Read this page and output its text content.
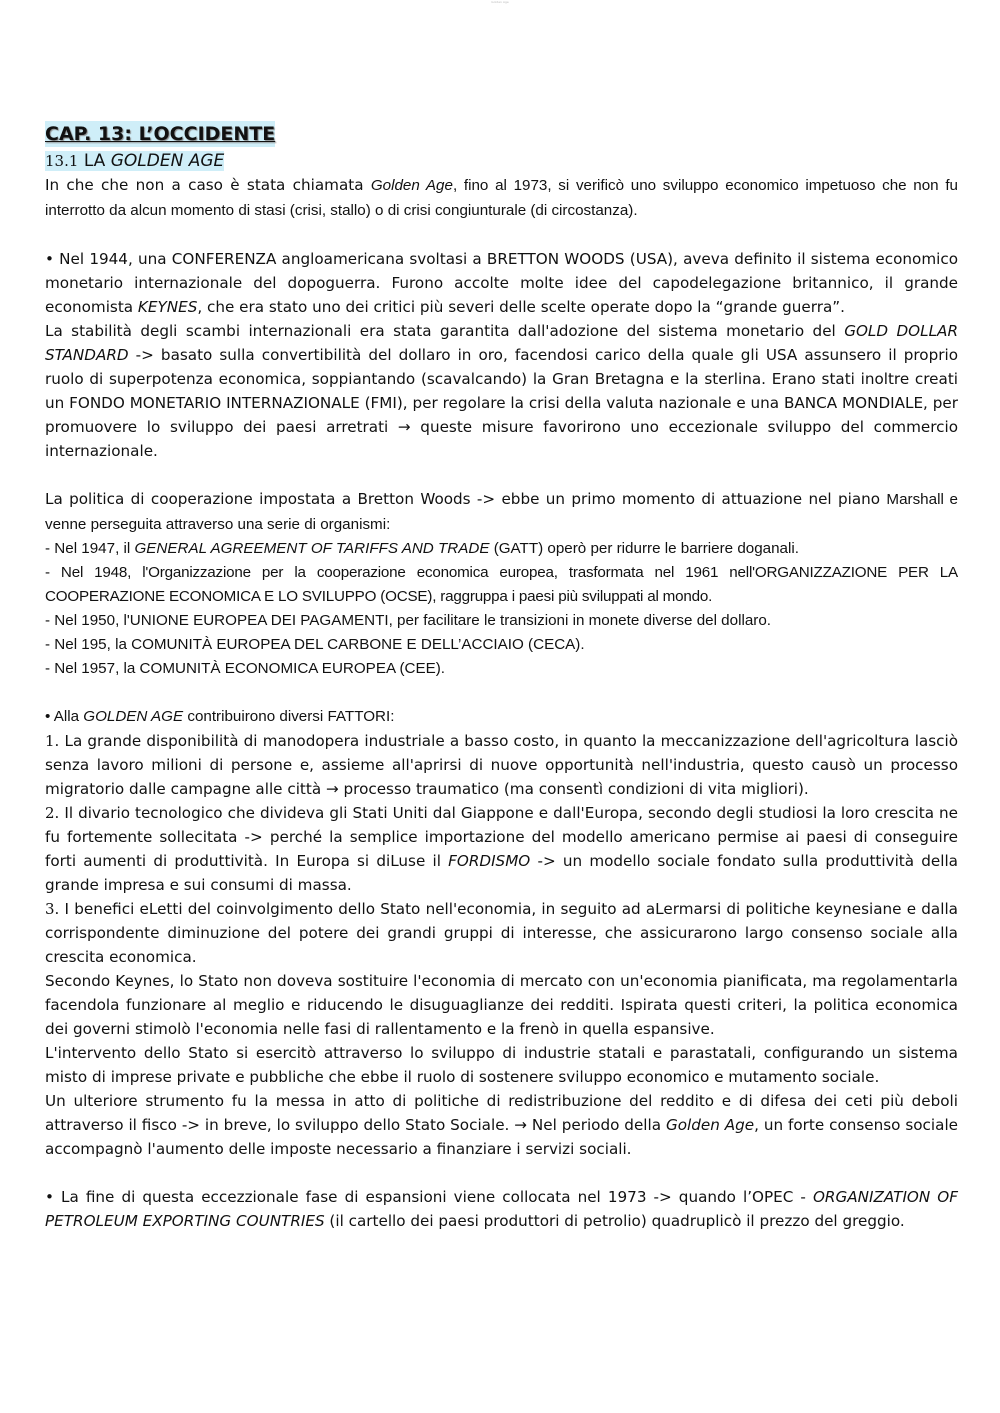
Golden Age
CAP. 13: L’OCCIDENTE
13.1 LA GOLDEN AGE

In che che non a caso è stata chiamata Golden Age, fino al 1973, si verificò uno sviluppo economico impetuoso che non fu interrotto da alcun momento di stasi (crisi, stallo) o di crisi congiunturale (di circostanza).

• Nel 1944, una CONFERENZA angloamericana svoltasi a BRETTON WOODS (USA), aveva definito il sistema economico monetario internazionale del dopoguerra. Furono accolte molte idee del capodelegazione britannico, il grande economista KEYNES, che era stato uno dei critici più severi delle scelte operate dopo la “grande guerra”.

La stabilità degli scambi internazionali era stata garantita dall'adozione del sistema monetario del GOLD DOLLAR STANDARD -> basato sulla convertibilità del dollaro in oro, facendosi carico della quale gli USA assunsero il proprio ruolo di superpotenza economica, soppiantando (scavalcando) la Gran Bretagna e la sterlina. Erano stati inoltre creati un FONDO MONETARIO INTERNAZIONALE (FMI), per regolare la crisi della valuta nazionale e una BANCA MONDIALE, per promuovere lo sviluppo dei paesi arretrati → queste misure favorirono uno eccezionale sviluppo del commercio internazionale.

La politica di cooperazione impostata a Bretton Woods -> ebbe un primo momento di attuazione nel piano Marshall e venne perseguita attraverso una serie di organismi:

- Nel 1947, il GENERAL AGREEMENT OF TARIFFS AND TRADE (GATT) operò per ridurre le barriere doganali.

- Nel 1948, l'Organizzazione per la cooperazione economica europea, trasformata nel 1961 nell'ORGANIZZAZIONE PER LA COOPERAZIONE ECONOMICA E LO SVILUPPO (OCSE), raggruppa i paesi più sviluppati al mondo.

- Nel 1950, l'UNIONE EUROPEA DEI PAGAMENTI, per facilitare le transizioni in monete diverse del dollaro.

- Nel 195, la COMUNITÀ EUROPEA DEL CARBONE E DELL’ACCIAIO (CECA).

- Nel 1957, la COMUNITÀ ECONOMICA EUROPEA (CEE).

• Alla GOLDEN AGE contribuirono diversi FATTORI:

1. La grande disponibilità di manodopera industriale a basso costo, in quanto la meccanizzazione dell'agricoltura lasciò senza lavoro milioni di persone e, assieme all'aprirsi di nuove opportunità nell'industria, questo causò un processo migratorio dalle campagne alle città → processo traumatico (ma consentì condizioni di vita migliori).

2. Il divario tecnologico che divideva gli Stati Uniti dal Giappone e dall'Europa, secondo degli studiosi la loro crescita ne fu fortemente sollecitata -> perché la semplice importazione del modello americano permise ai paesi di conseguire forti aumenti di produttività. In Europa si diLuse il FORDISMO -> un modello sociale fondato sulla produttività della grande impresa e sui consumi di massa.

3. I benefici eLetti del coinvolgimento dello Stato nell'economia, in seguito ad aLermarsi di politiche keynesiane e dalla corrispondente diminuzione del potere dei grandi gruppi di interesse, che assicurarono largo consenso sociale alla crescita economica.

Secondo Keynes, lo Stato non doveva sostituire l'economia di mercato con un'economia pianificata, ma regolamentarla facendola funzionare al meglio e riducendo le disuguaglianze dei redditi. Ispirata questi criteri, la politica economica dei governi stimolò l'economia nelle fasi di rallentamento e la frenò in quella espansive.

L'intervento dello Stato si esercitò attraverso lo sviluppo di industrie statali e parastatali, configurando un sistema misto di imprese private e pubbliche che ebbe il ruolo di sostenere sviluppo economico e mutamento sociale.

Un ulteriore strumento fu la messa in atto di politiche di redistribuzione del reddito e di difesa dei ceti più deboli attraverso il fisco -> in breve, lo sviluppo dello Stato Sociale. → Nel periodo della Golden Age, un forte consenso sociale accompagnò l'aumento delle imposte necessario a finanziare i servizi sociali.

• La fine di questa eccezzionale fase di espansioni viene collocata nel 1973 -> quando l’OPEC - ORGANIZATION OF PETROLEUM EXPORTING COUNTRIES (il cartello dei paesi produttori di petrolio) quadruplicò il prezzo del greggio.
